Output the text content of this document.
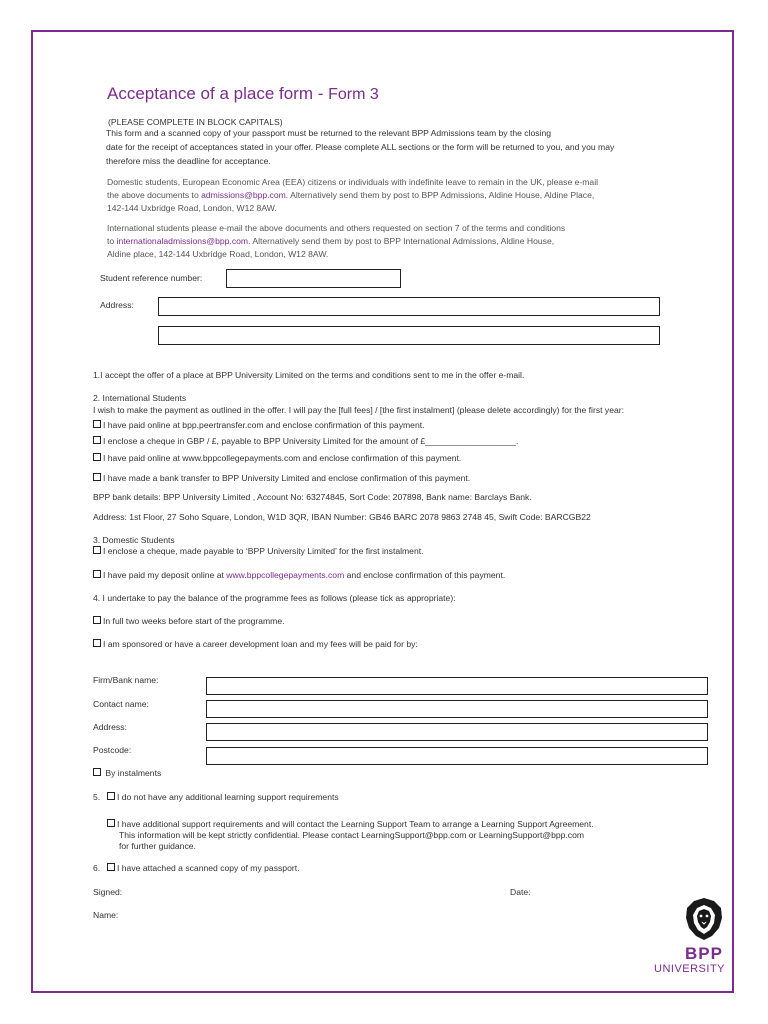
Acceptance of a place form - Form 3
(PLEASE COMPLETE IN BLOCK CAPITALS)
This form and a scanned copy of your passport must be returned to the relevant BPP Admissions team by the closing
date for the receipt of acceptances stated in your offer. Please complete ALL sections or the form will be returned to you, and you may
therefore miss the deadline for acceptance.
Domestic students, European Economic Area (EEA) citizens or individuals with indefinite leave to remain in the UK, please e-mail
the above documents to admissions@bpp.com. Alternatively send them by post to BPP Admissions, Aldine House, Aldine Place,
142-144 Uxbridge Road, London, W12 8AW.
International students please e-mail the above documents and others requested on section 7 of the terms and conditions
to internationaladmissions@bpp.com. Alternatively send them by post to BPP International Admissions, Aldine House,
Aldine place, 142-144 Uxbridge Road, London, W12 8AW.
Student reference number:
Address:
1.I accept the offer of a place at BPP University Limited on the terms and conditions sent to me in the offer e-mail.
2. International Students
I wish to make the payment as outlined in the offer. I will pay the [full fees] / [the first instalment] (please delete accordingly) for the first year:
I have paid online at bpp.peertransfer.com and enclose confirmation of this payment.
I enclose a cheque in GBP / £, payable to BPP University Limited for the amount of £___________________.
I have paid online at www.bppcollegepayments.com and enclose confirmation of this payment.
I have made a bank transfer to BPP University Limited and enclose confirmation of this payment.
BPP bank details: BPP University Limited , Account No: 63274845, Sort Code: 207898, Bank name: Barclays Bank.
Address: 1st Floor, 27 Soho Square, London, W1D 3QR, IBAN Number: GB46 BARC 2078 9863 2748 45, Swift Code: BARCGB22
3. Domestic Students
I enclose a cheque, made payable to ‘BPP University Limited’ for the first instalment.
I have paid my deposit online at www.bppcollegepayments.com and enclose confirmation of this payment.
4. I undertake to pay the balance of the programme fees as follows (please tick as appropriate):
In full two weeks before start of the programme.
I am sponsored or have a career development loan and my fees will be paid for by:
Firm/Bank name:
Contact name:
Address:
Postcode:
By instalments
5.	I do not have any additional learning support requirements
I have additional support requirements and will contact the Learning Support Team to arrange a Learning Support Agreement.
This information will be kept strictly confidential. Please contact LearningSupport@bpp.com or LearningSupport@bpp.com
for further guidance.
6.	I have attached a scanned copy of my passport.
Signed:	Date:
Name:
BPP
UNIVERSITY
